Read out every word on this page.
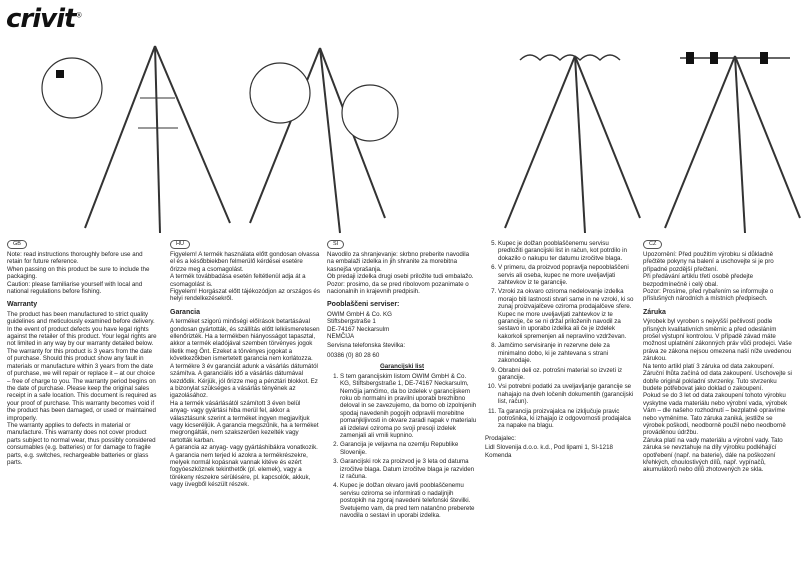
crivit®
GB

Note: read instructions thoroughly before use and retain for future reference.
When passing on this product be sure to include the packaging.
Caution: please familiarise yourself with local and national regulations before fishing.

Warranty

The product has been manufactured to strict quality guidelines and meticulously examined before delivery. In the event of product defects you have legal rights against the retailer of this product. Your legal rights are not limited in any way by our warranty detailed below.
The warranty for this product is 3 years from the date of purchase. Should this product show any fault in materials or manufacture within 3 years from the date of purchase, we will repair or replace it – at our choice – free of charge to you. The warranty period begins on the date of purchase. Please keep the original sales receipt in a safe location. This document is required as your proof of purchase. This warranty becomes void if the product has been damaged, or used or maintained improperly.
The warranty applies to defects in material or manufacture. This warranty does not cover product parts subject to normal wear, thus possibly considered consumables (e.g. batteries) or for damage to fragile parts, e.g. switches, rechargeable batteries or glass parts.

HU

Figyelem! A termék használata előtt gondosan olvassa el és a későbbiekben felmerülő kérdései esetére őrizze meg a csomagolást.
A termék továbbadása esetén feltétlenül adja át a csomagolást is.
Figyelem! Horgászat előtt tájékozódjon az országos és helyi rendelkezésekről.

Garancia

A terméket szigorú minőségi előírások betartásával gondosan gyártották, és szállítás előtt lelkiismeretesen ellenőrizték. Ha a termékben hiányosságot tapasztal, akkor a termék eladójával szemben törvényes jogok illetik meg Önt. Ezeket a törvényes jogokat a következőkben ismertetett garancia nem korlátozza.
A termékre 3 év garanciát adunk a vásárlás dátumától számítva. A garanciális idő a vásárlás dátumával kezdődik. Kérjük, jól őrizze meg a pénztári blokkot. Ez a bizonylat szükséges a vásárlás tényének az igazolásához.
Ha a termék vásárlásától számított 3 éven belül anyag- vagy gyártási hiba merül fel, akkor a választásunk szerint a terméket ingyen megjavítjuk vagy kicseréljük. A garancia megszűnik, ha a terméket megrongálták, nem szakszerűen kezelték vagy tartották karban.
A garancia az anyag- vagy gyártáshibákra vonatkozik. A garancia nem terjed ki azokra a termékrészekre, melyek normál kopásnak vannak kitéve és ezért fogyóeszköznek tekinthetők (pl. elemek), vagy a törékeny részekre sérülésére, pl. kapcsolók, akkuk, vagy üvegből készült részek.

SI

Navodilo za shranjevanje: skrbno preberite navodila na embalaži izdelka in jih shranite za morebitna kasnejša vprašanja.
Ob predaji izdelka drugi osebi priložite tudi embalažo.
Pozor: prosimo, da se pred ribolovom pozanimate o nacionalnih in krajevnih predpisih.

Pooblaščeni serviser:

OWIM GmbH & Co. KG
Stiftsbergstraße 1
DE-74167 Neckarsulm
NEMČIJA

Servisna telefonska številka:

00386 (0) 80 28 60

Garancijski list
1. S tem garancijskim listom OWIM GmbH & Co. KG, Stiftsbergstraße 1, DE-74167 Neckarsulm, Nemčija jamčimo, da bo izdelek v garancijskem roku ob normalni in pravilni uporabi brezhibno deloval in se zavezujemo, da bomo ob izpolnjenih spodaj navedenih pogojih odpravili morebitne pomanjkljivosti in okvare zaradi napak v materialu ali izdelavi oziroma po svoji presoji izdelek zamenjali ali vrnili kupnino.
2. Garancija je veljavna na ozemlju Republike Slovenije.
3. Garancijski rok za proizvod je 3 leta od datuma izročitve blaga. Datum izročitve blaga je razviden iz računa.
4. Kupec je dolžan okvaro javiti pooblaščenemu servisu oziroma se informirati o nadaljnjih postopkih na zgoraj navedeni telefonski številki. Svetujemo vam, da pred tem natančno preberete navodila o sestavi in uporabi izdelka.
5. Kupec je dolžan pooblaščenemu servisu predložiti garancijski list in račun, kot potrdilo in dokazilo o nakupu ter datumu izročitve blaga.
6. V primeru, da proizvod popravlja nepooblaščeni servis ali oseba, kupec ne more uveljavljati zahtevkov iz te garancije.
7. Vzroki za okvaro oziroma nedelovanje izdelka morajo biti lastnosti stvari same in ne vzroki, ki so zunaj proizvajalčeve oziroma prodajalčeve sfere. Kupec ne more uveljavljati zahtevkov iz te garancije, če se ni držal priloženih navodil za sestavo in uporabo izdelka ali če je izdelek kakorkoli spremenjen ali nepravilno vzdrževan.
8. Jamčimo servisiranje in rezervne dele za minimalno dobo, ki je zahtevana s strani zakonodaje.
9. Obrabni deli oz. potrošni material so izvzeti iz garancije.
10. Vsi potrebni podatki za uveljavljanje garancije se nahajajo na dveh ločenih dokumentih (garancijski list, račun).
11. Ta garancija proizvajalca ne izključuje pravic potrošnika, ki izhajajo iz odgovornosti prodajalca za napake na blagu.

Prodajalec:

Lidl Slovenija d.o.o. k.d., Pod lipami 1, SI-1218 Komenda

CZ

Upozornění: Před použitím výrobku si důkladně přečtěte pokyny na balení a uschovejte si je pro případné pozdější přečtení.
Při předávání artiklu třetí osobě předejte bezpodmínečně i celý obal.
Pozor: Prosíme, před rybařením se informujte o příslušných národních a místních předpisech.

Záruka

Výrobek byl vyroben s nejvyšší pečlivostí podle přísných kvalitativních směrnic a před odesláním prošel výstupní kontrolou. V případě závad máte možnost uplatnění zákonných práv vůči prodejci. Vaše práva ze zákona nejsou omezena naší níže uvedenou zárukou.
Na tento artikl platí 3 záruka od data zakoupení. Záruční lhůta začíná od data zakoupení. Uschovejte si dobře originál pokladní stvrzenky. Tuto stvrzenku budete potřebovat jako doklad o zakoupení.
Pokud se do 3 let od data zakoupení tohoto výrobku vyskytne vada materiálu nebo výrobní vada, výrobek Vám – dle našeho rozhodnutí – bezplatně opravíme nebo vyměníme. Tato záruka zaniká, jestliže se výrobek poškodí, neodborně použil nebo neodborně prováděnou údržbu.
Záruka platí na vady materiálu a výrobní vady. Tato záruka se nevztahuje na díly výrobku podléhající opotřebení (např. na baterie), dále na poškození křehkých, choulostivých dílů, např. vypínačů, akumulátorů nebo dílů zhotovených ze skla.
